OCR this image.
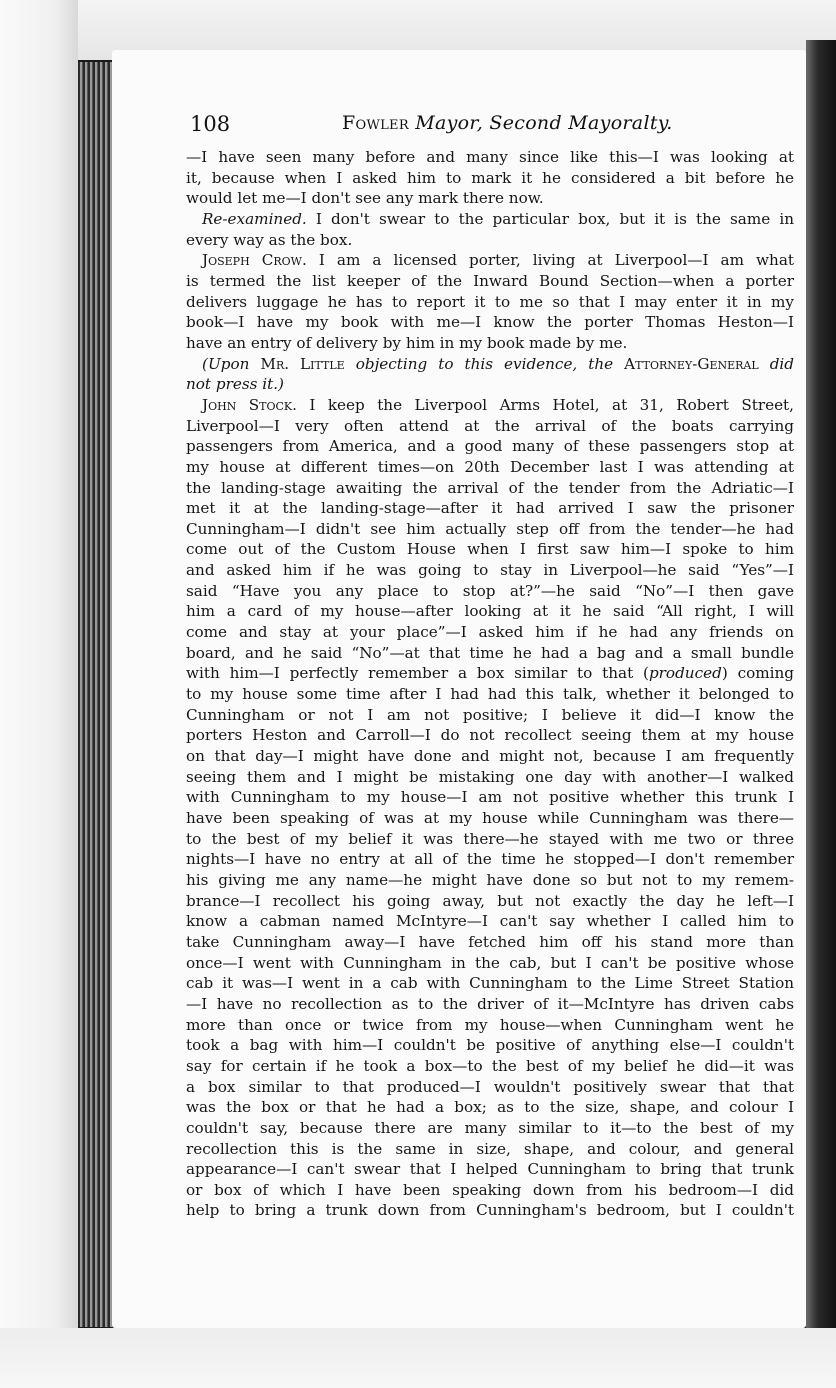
108	Fowler Mayor, Second Mayoralty.
—I have seen many before and many since like this—I was looking at
it, because when I asked him to mark it he considered a bit before he
would let me—I don't see any mark there now.
Re-examined. I don't swear to the particular box, but it is the same in
every way as the box.
Joseph Crow. I am a licensed porter, living at Liverpool—I am what
is termed the list keeper of the Inward Bound Section—when a porter
delivers luggage he has to report it to me so that I may enter it in my
book—I have my book with me—I know the porter Thomas Heston—I
have an entry of delivery by him in my book made by me.
(Upon Mr. Little objecting to this evidence, the Attorney-General did
not press it.)
John Stock. I keep the Liverpool Arms Hotel, at 31, Robert Street,
Liverpool—I very often attend at the arrival of the boats carrying
passengers from America, and a good many of these passengers stop at
my house at different times—on 20th December last I was attending at
the landing-stage awaiting the arrival of the tender from the Adriatic—I
met it at the landing-stage—after it had arrived I saw the prisoner
Cunningham—I didn't see him actually step off from the tender—he had
come out of the Custom House when I first saw him—I spoke to him
and asked him if he was going to stay in Liverpool—he said “Yes”—I
said “Have you any place to stop at?”—he said “No”—I then gave
him a card of my house—after looking at it he said “All right, I will
come and stay at your place”—I asked him if he had any friends on
board, and he said “No”—at that time he had a bag and a small bundle
with him—I perfectly remember a box similar to that (produced) coming
to my house some time after I had had this talk, whether it belonged to
Cunningham or not I am not positive; I believe it did—I know the
porters Heston and Carroll—I do not recollect seeing them at my house
on that day—I might have done and might not, because I am frequently
seeing them and I might be mistaking one day with another—I walked
with Cunningham to my house—I am not positive whether this trunk I
have been speaking of was at my house while Cunningham was there—
to the best of my belief it was there—he stayed with me two or three
nights—I have no entry at all of the time he stopped—I don't remember
his giving me any name—he might have done so but not to my remem-
brance—I recollect his going away, but not exactly the day he left—I
know a cabman named McIntyre—I can't say whether I called him to
take Cunningham away—I have fetched him off his stand more than
once—I went with Cunningham in the cab, but I can't be positive whose
cab it was—I went in a cab with Cunningham to the Lime Street Station
—I have no recollection as to the driver of it—McIntyre has driven cabs
more than once or twice from my house—when Cunningham went he
took a bag with him—I couldn't be positive of anything else—I couldn't
say for certain if he took a box—to the best of my belief he did—it was
a box similar to that produced—I wouldn't positively swear that that
was the box or that he had a box; as to the size, shape, and colour I
couldn't say, because there are many similar to it—to the best of my
recollection this is the same in size, shape, and colour, and general
appearance—I can't swear that I helped Cunningham to bring that trunk
or box of which I have been speaking down from his bedroom—I did
help to bring a trunk down from Cunningham's bedroom, but I couldn't
